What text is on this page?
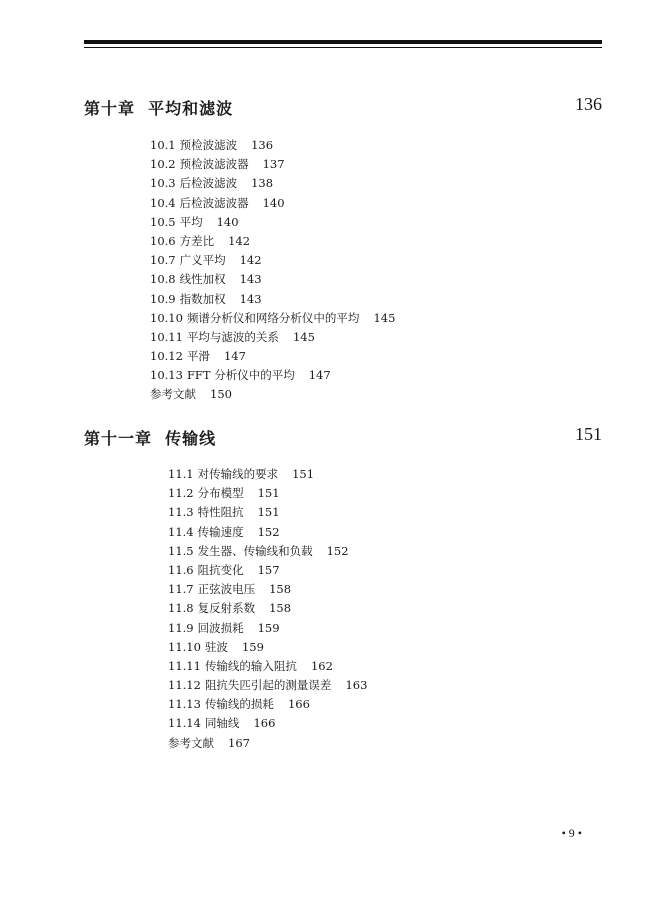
第十章  平均和滤波	136
10.1 预检波滤波 136
10.2 预检波滤波器 137
10.3 后检波滤波 138
10.4 后检波滤波器 140
10.5 平均 140
10.6 方差比 142
10.7 广义平均 142
10.8 线性加权 143
10.9 指数加权 143
10.10 频谱分析仪和网络分析仪中的平均 145
10.11 平均与滤波的关系 145
10.12 平滑 147
10.13 FFT 分析仪中的平均 147
参考文献 150
第十一章  传输线	151
11.1 对传输线的要求 151
11.2 分布模型 151
11.3 特性阻抗 151
11.4 传输速度 152
11.5 发生器、传输线和负载 152
11.6 阻抗变化 157
11.7 正弦波电压 158
11.8 复反射系数 158
11.9 回波损耗 159
11.10 驻波 159
11.11 传输线的输入阻抗 162
11.12 阻抗失匹引起的测量误差 163
11.13 传输线的损耗 166
11.14 同轴线 166
参考文献 167
• 9 •
